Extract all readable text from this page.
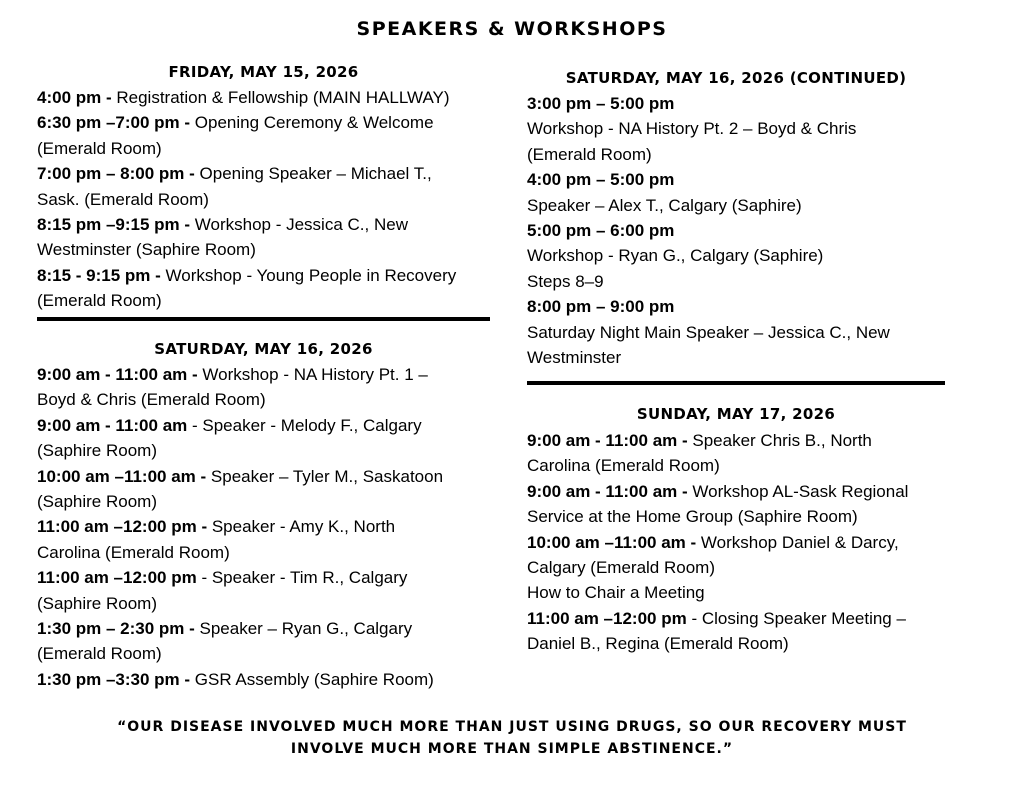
SPEAKERS & WORKSHOPS
FRIDAY, MAY 15, 2026
4:00 pm - Registration & Fellowship (MAIN HALLWAY)
6:30 pm –7:00 pm - Opening Ceremony & Welcome
(Emerald Room)
7:00 pm – 8:00 pm - Opening Speaker – Michael T.,
Sask. (Emerald Room)
8:15 pm –9:15 pm - Workshop - Jessica C., New
Westminster (Saphire Room)
8:15 - 9:15 pm - Workshop - Young People in Recovery
(Emerald Room)
SATURDAY, MAY 16, 2026
9:00 am - 11:00 am - Workshop - NA History Pt. 1 –
Boyd & Chris (Emerald Room)
9:00 am - 11:00 am - Speaker - Melody F., Calgary
(Saphire Room)
10:00 am –11:00 am - Speaker – Tyler M., Saskatoon
(Saphire Room)
11:00 am –12:00 pm - Speaker - Amy K., North
Carolina (Emerald Room)
11:00 am –12:00 pm - Speaker - Tim R., Calgary
(Saphire Room)
1:30 pm – 2:30 pm - Speaker – Ryan G., Calgary
(Emerald Room)
1:30 pm –3:30 pm - GSR Assembly (Saphire Room)
SATURDAY, MAY 16, 2026 (CONTINUED)
3:00 pm – 5:00 pm
Workshop - NA History Pt. 2 – Boyd & Chris
(Emerald Room)
4:00 pm – 5:00 pm
Speaker – Alex T., Calgary (Saphire)
5:00 pm – 6:00 pm
Workshop - Ryan G., Calgary (Saphire)
Steps 8–9
8:00 pm – 9:00 pm
Saturday Night Main Speaker – Jessica C., New
Westminster
SUNDAY, MAY 17, 2026
9:00 am - 11:00 am - Speaker Chris B., North
Carolina (Emerald Room)
9:00 am - 11:00 am - Workshop AL-Sask Regional
Service at the Home Group (Saphire Room)
10:00 am –11:00 am - Workshop Daniel & Darcy,
Calgary (Emerald Room)
How to Chair a Meeting
11:00 am –12:00 pm - Closing Speaker Meeting –
Daniel B., Regina (Emerald Room)
“OUR DISEASE INVOLVED MUCH MORE THAN JUST USING DRUGS, SO OUR RECOVERY MUST
INVOLVE MUCH MORE THAN SIMPLE ABSTINENCE.”
